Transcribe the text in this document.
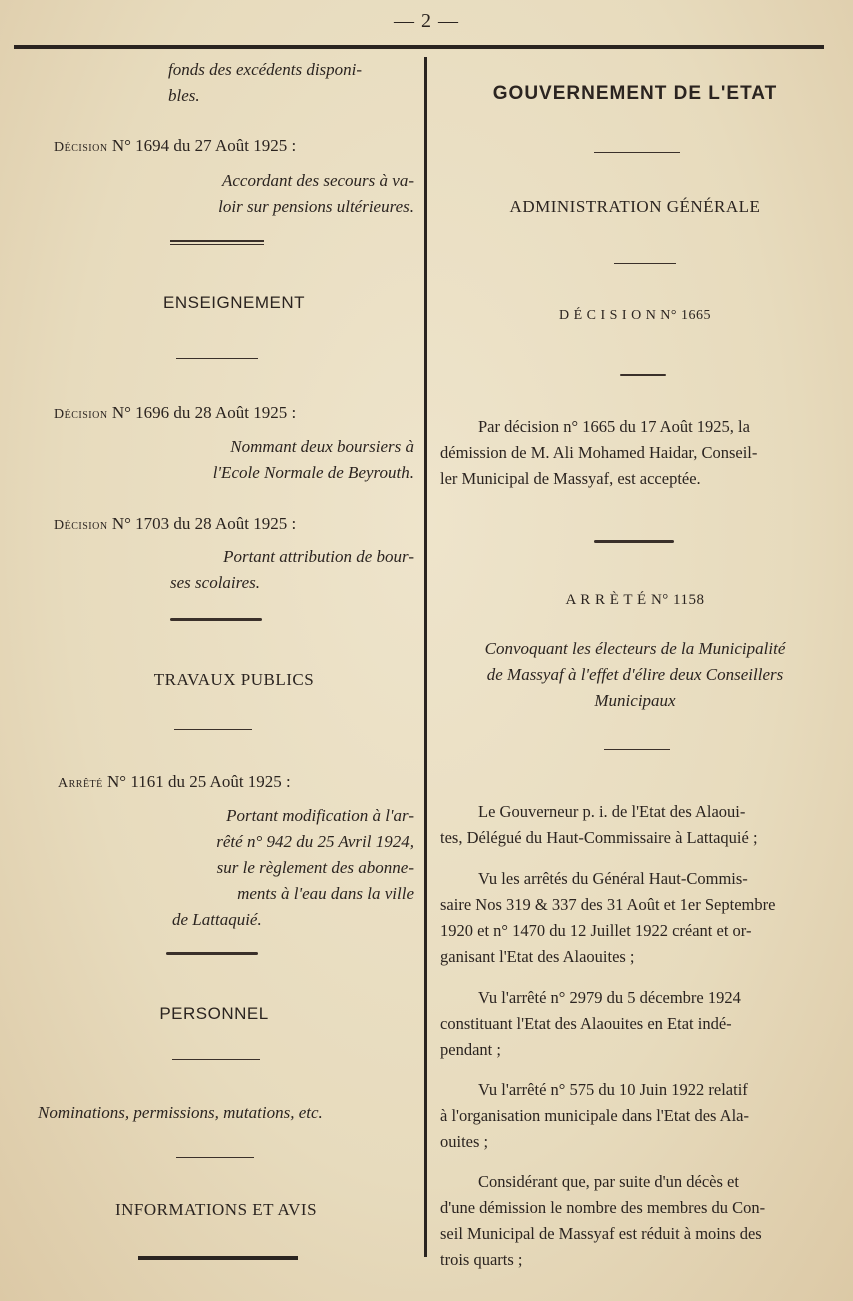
— 2 —
fonds des excédents disponi-
bles.
Décision N° 1694 du 27 Août 1925 :
Accordant des secours à va-
loir sur pensions ultérieures.
ENSEIGNEMENT
Décision N° 1696 du 28 Août 1925 :
Nommant deux boursiers à
l'Ecole Normale de Beyrouth.
Décision N° 1703 du 28 Août 1925 :
Portant attribution de bour-
ses scolaires.
TRAVAUX PUBLICS
Arrêté N° 1161 du 25 Août 1925 :
Portant modification à l'ar-
rêté n° 942 du 25 Avril 1924,
sur le règlement des abonne-
ments à l'eau dans la ville
de Lattaquié.
PERSONNEL
Nominations, permissions, mutations, etc.
INFORMATIONS ET AVIS
GOUVERNEMENT DE L'ETAT
ADMINISTRATION GÉNÉRALE
D É C I S I O N N° 1665
Par décision n° 1665 du 17 Août 1925, la
démission de M. Ali Mohamed Haidar, Conseil-
ler Municipal de Massyaf, est acceptée.
A R R È T É N° 1158
Convoquant les électeurs de la Municipalité
de Massyaf à l'effet d'élire deux Conseillers
Municipaux
Le Gouverneur p. i. de l'Etat des Alaoui-
tes, Délégué du Haut-Commissaire à Lattaquié ;
Vu les arrêtés du Général Haut-Commis-
saire Nos 319 & 337 des 31 Août et 1er Septembre
1920 et n° 1470 du 12 Juillet 1922 créant et or-
ganisant l'Etat des Alaouites ;
Vu l'arrêté n° 2979 du 5 décembre 1924
constituant l'Etat des Alaouites en Etat indé-
pendant ;
Vu l'arrêté n° 575 du 10 Juin 1922 relatif
à l'organisation municipale dans l'Etat des Ala-
ouites ;
Considérant que, par suite d'un décès et
d'une démission le nombre des membres du Con-
seil Municipal de Massyaf est réduit à moins des
trois quarts ;
